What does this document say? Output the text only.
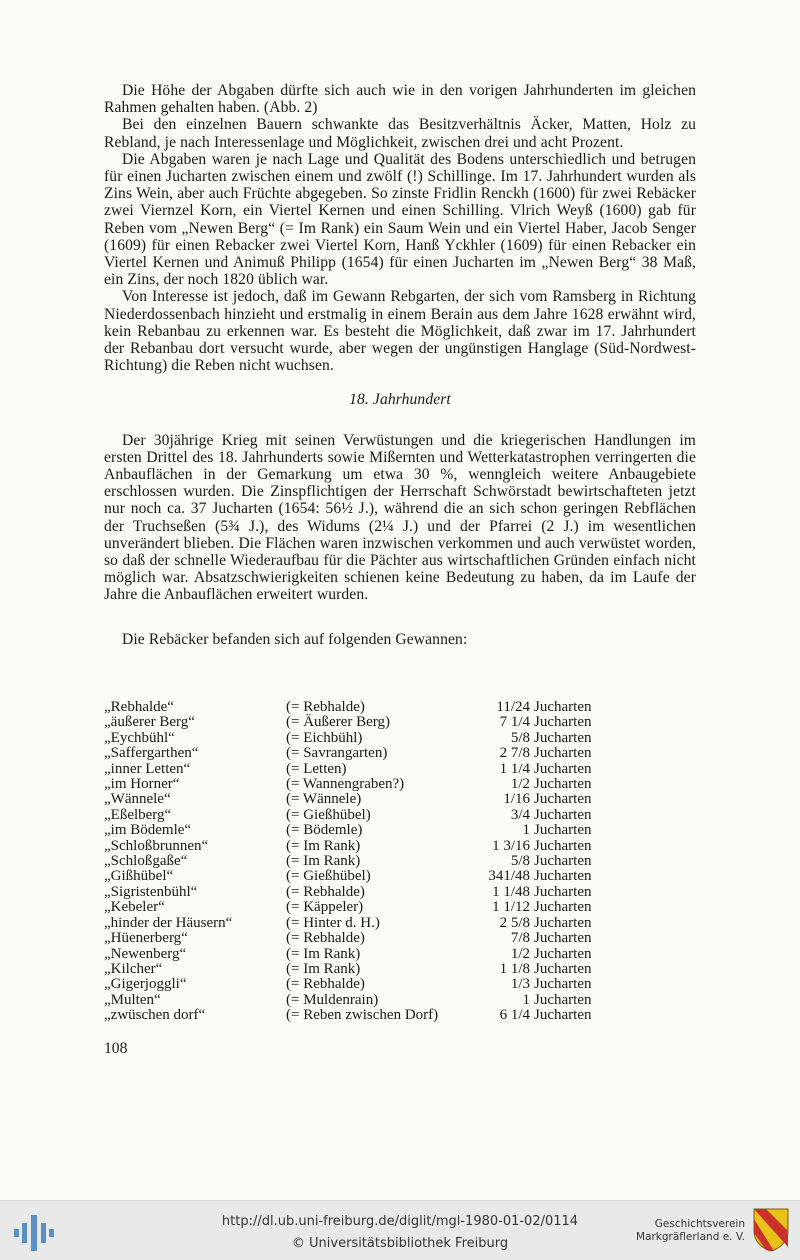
Die Höhe der Abgaben dürfte sich auch wie in den vorigen Jahrhunderten im gleichen Rahmen gehalten haben. (Abb. 2)

Bei den einzelnen Bauern schwankte das Besitzverhältnis Äcker, Matten, Holz zu Rebland, je nach Interessenlage und Möglichkeit, zwischen drei und acht Prozent.

Die Abgaben waren je nach Lage und Qualität des Bodens unterschiedlich und betrugen für einen Jucharten zwischen einem und zwölf (!) Schillinge. Im 17. Jahrhundert wurden als Zins Wein, aber auch Früchte abgegeben. So zinste Fridlin Renckh (1600) für zwei Rebäcker zwei Viernzel Korn, ein Viertel Kernen und einen Schilling. Vlrich Weyß (1600) gab für Reben vom „Newen Berg“ (= Im Rank) ein Saum Wein und ein Viertel Haber, Jacob Senger (1609) für einen Rebacker zwei Viertel Korn, Hanß Yckhler (1609) für einen Rebacker ein Viertel Kernen und Animuß Philipp (1654) für einen Jucharten im „Newen Berg“ 38 Maß, ein Zins, der noch 1820 üblich war.

Von Interesse ist jedoch, daß im Gewann Rebgarten, der sich vom Ramsberg in Richtung Niederdossenbach hinzieht und erstmalig in einem Berain aus dem Jahre 1628 erwähnt wird, kein Rebanbau zu erkennen war. Es besteht die Möglichkeit, daß zwar im 17. Jahrhundert der Rebanbau dort versucht wurde, aber wegen der ungünstigen Hanglage (Süd-Nordwest-Richtung) die Reben nicht wuchsen.

18. Jahrhundert

Der 30jährige Krieg mit seinen Verwüstungen und die kriegerischen Handlungen im ersten Drittel des 18. Jahrhunderts sowie Mißernten und Wetterkatastrophen verringerten die Anbauflächen in der Gemarkung um etwa 30 %, wenngleich weitere Anbaugebiete erschlossen wurden. Die Zinspflichtigen der Herrschaft Schwörstadt bewirtschafteten jetzt nur noch ca. 37 Jucharten (1654: 56½ J.), während die an sich schon geringen Rebflächen der Truchseßen (5¾ J.), des Widums (2¼ J.) und der Pfarrei (2 J.) im wesentlichen unverändert blieben. Die Flächen waren inzwischen verkommen und auch verwüstet worden, so daß der schnelle Wiederaufbau für die Pächter aus wirtschaftlichen Gründen einfach nicht möglich war. Absatzschwierigkeiten schienen keine Bedeutung zu haben, da im Laufe der Jahre die Anbauflächen erweitert wurden.

Die Rebäcker befanden sich auf folgenden Gewannen:

„Rebhalde“	(= Rebhalde)	11/24	Jucharten
„äußerer Berg“	(= Äußerer Berg)	7 1/4	Jucharten
„Eychbühl“	(= Eichbühl)	5/8	Jucharten
„Saffergarthen“	(= Savrangarten)	2 7/8	Jucharten
„inner Letten“	(= Letten)	1 1/4	Jucharten
„im Horner“	(= Wannengraben?)	1/2	Jucharten
„Wännele“	(= Wännele)	1/16	Jucharten
„Eßelberg“	(= Gießhübel)	3/4	Jucharten
„im Bödemle“	(= Bödemle)	1	Jucharten
„Schloßbrunnen“	(= Im Rank)	1 3/16	Jucharten
„Schloßgaße“	(= Im Rank)	5/8	Jucharten
„Gißhübel“	(= Gießhübel)	341/48	Jucharten
„Sigristenbühl“	(= Rebhalde)	1 1/48	Jucharten
„Kebeler“	(= Käppeler)	1 1/12	Jucharten
„hinder der Häusern“	(= Hinter d. H.)	2 5/8	Jucharten
„Hüenerberg“	(= Rebhalde)	7/8	Jucharten
„Newenberg“	(= Im Rank)	1/2	Jucharten
„Kilcher“	(= Im Rank)	1 1/8	Jucharten
„Gigerjoggli“	(= Rebhalde)	1/3	Jucharten
„Multen“	(= Muldenrain)	1	Jucharten
„zwüschen dorf“	(= Reben zwischen Dorf)	6 1/4	Jucharten
108
http://dl.ub.uni-freiburg.de/diglit/mgl-1980-01-02/0114
© Universitätsbibliothek Freiburg
Geschichtsverein
Markgräflerland e. V.
